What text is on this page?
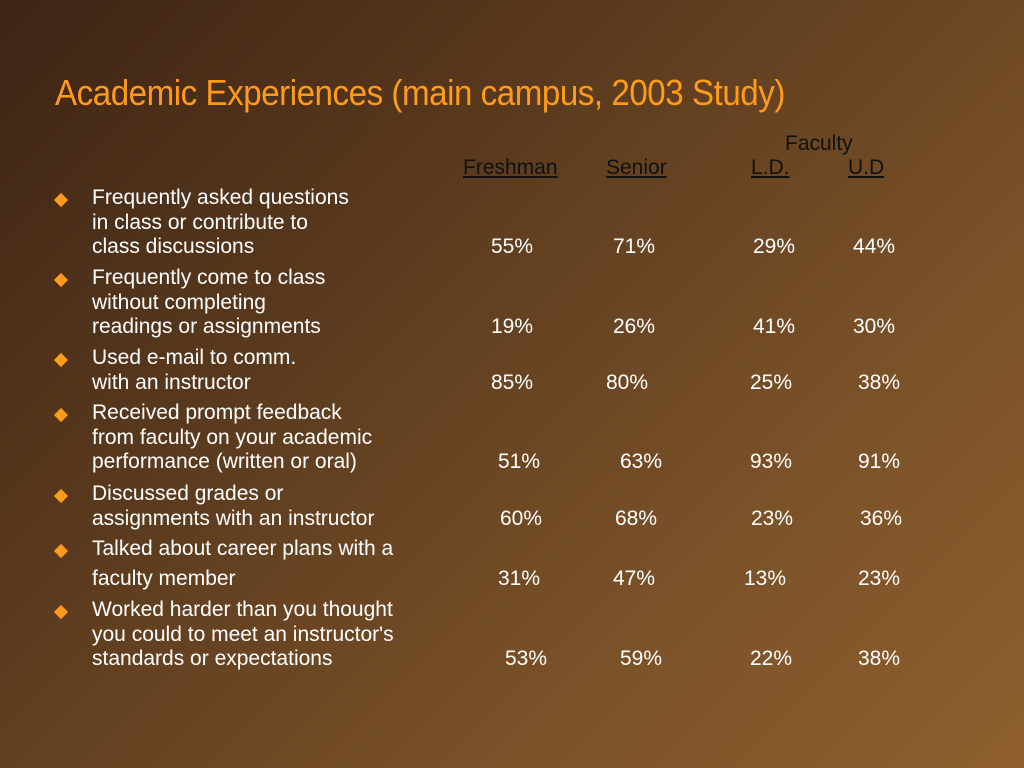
Academic Experiences (main campus, 2003 Study)
Faculty
Freshman Senior	L.D.	U.D
Frequently asked questions
in class or contribute to
class discussions	55%	71%	29%	44%
Frequently come to class
without completing
readings or assignments	19%	26%	41%	30%
Used e-mail to comm.
with an instructor	85%	80%	25%	38%
Received prompt feedback
from faculty on your academic
performance (written or oral)	51%	63%	93%	91%
Discussed grades or
assignments with an instructor	60%	68%	23%	36%
Talked about career plans with a
faculty member	31%	47%	13%	23%
Worked harder than you thought
you could to meet an instructor's
standards or expectations	53%	59%	22%	38%
